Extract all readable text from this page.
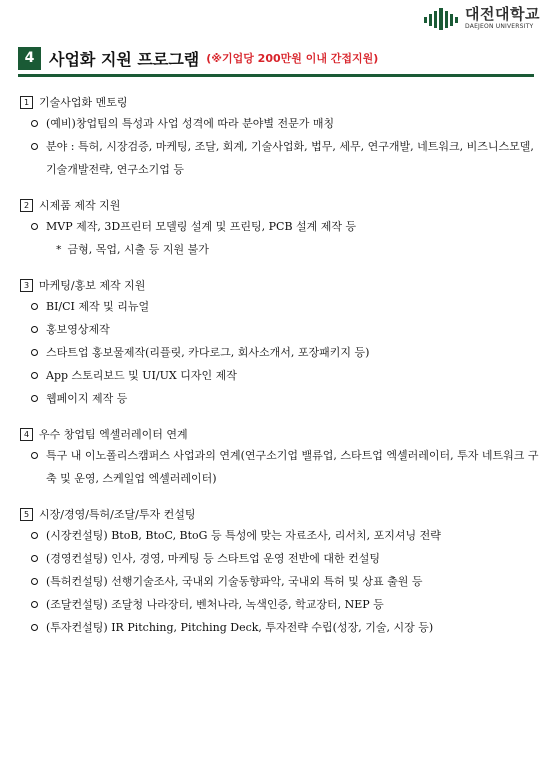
대전대학교
DAEJEON UNIVERSITY
4 사업화 지원 프로그램 (※기업당 200만원 이내 간접지원)
1 기술사업화 멘토링
(예비)창업팀의 특성과 사업 성격에 따라 분야별 전문가 매칭
분야 : 특허, 시장검증, 마케팅, 조달, 회계, 기술사업화, 법무, 세무, 연구개발, 네트워크, 비즈니스모델, 기술개발전략, 연구소기업 등
2 시제품 제작 지원
MVP 제작, 3D프린터 모델링 설계 및 프린팅, PCB 설계 제작 등
* 금형, 목업, 시출 등 지원 불가
3 마케팅/홍보 제작 지원
BI/CI 제작 및 리뉴얼
홍보영상제작
스타트업 홍보물제작(리플릿, 카다로그, 회사소개서, 포장패키지 등)
App 스토리보드 및 UI/UX 디자인 제작
웹페이지 제작 등
4 우수 창업팀 엑셀러레이터 연계
특구 내 이노폴리스캠퍼스 사업과의 연계(연구소기업 밸류업, 스타트업 엑셀러레이터, 투자 네트워크 구축 및 운영, 스케일업 엑셀러레이터)
5 시장/경영/특허/조달/투자 컨설팅
(시장컨설팅) BtoB, BtoC, BtoG 등 특성에 맞는 자료조사, 리서치, 포지셔닝 전략
(경영컨설팅) 인사, 경영, 마케팅 등 스타트업 운영 전반에 대한 컨설팅
(특허컨설팅) 선행기술조사, 국내외 기술동향파악, 국내외 특허 및 상표 출원 등
(조달컨설팅) 조달청 나라장터, 벤처나라, 녹색인증, 학교장터, NEP 등
(투자컨설팅) IR Pitching, Pitching Deck, 투자전략 수립(성장, 기술, 시장 등)
